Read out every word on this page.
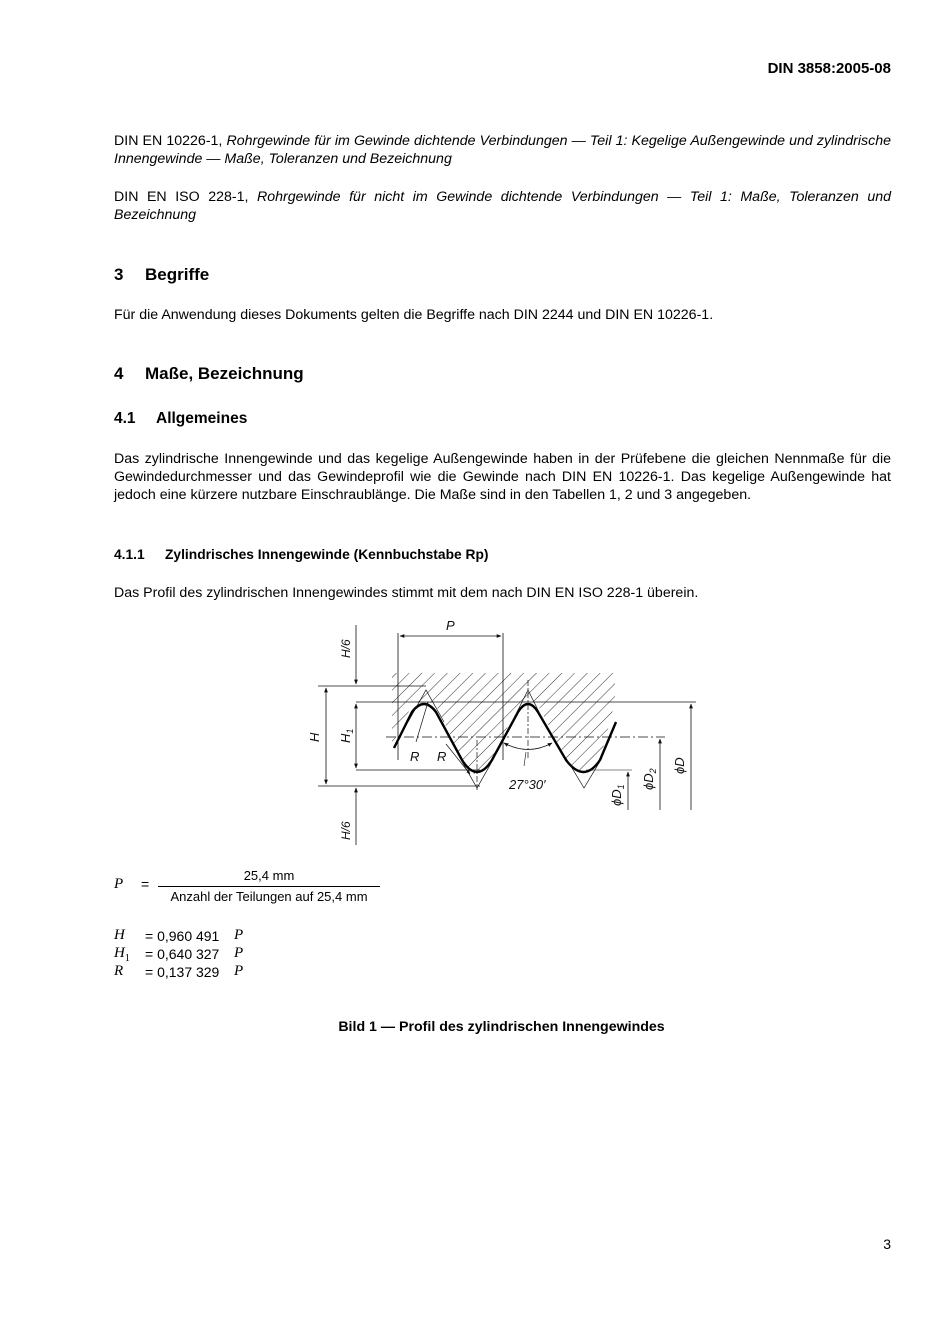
DIN 3858:2005-08

DIN EN 10226-1, Rohrgewinde für im Gewinde dichtende Verbindungen — Teil 1: Kegelige Außengewinde und zylindrische Innengewinde — Maße, Toleranzen und Bezeichnung

DIN EN ISO 228-1, Rohrgewinde für nicht im Gewinde dichtende Verbindungen — Teil 1: Maße, Toleranzen und Bezeichnung

3 Begriffe

Für die Anwendung dieses Dokuments gelten die Begriffe nach DIN 2244 und DIN EN 10226-1.

4 Maße, Bezeichnung
4.1 Allgemeines

Das zylindrische Innengewinde und das kegelige Außengewinde haben in der Prüfebene die gleichen Nennmaße für die Gewindedurchmesser und das Gewindeprofil wie die Gewinde nach DIN EN 10226-1. Das kegelige Außengewinde hat jedoch eine kürzere nutzbare Einschraublänge. Die Maße sind in den Tabellen 1, 2 und 3 angegeben.

4.1.1 Zylindrisches Innengewinde (Kennbuchstabe Rp)

Das Profil des zylindrischen Innengewindes stimmt mit dem nach DIN EN ISO 228-1 überein.

P
H/6
H $H_1$
H/6
R R
27°30′
$\phi D_1$ $\phi D_2$ ϕD
P =
25,4 mm
Anzahl der Teilungen auf 25,4 mm
H = 0,960 491 P
$H_1 = 0,640$ 327 P
R = 0,137 329 P
Bild 1 — Profil des zylindrischen Innengewindes
3
